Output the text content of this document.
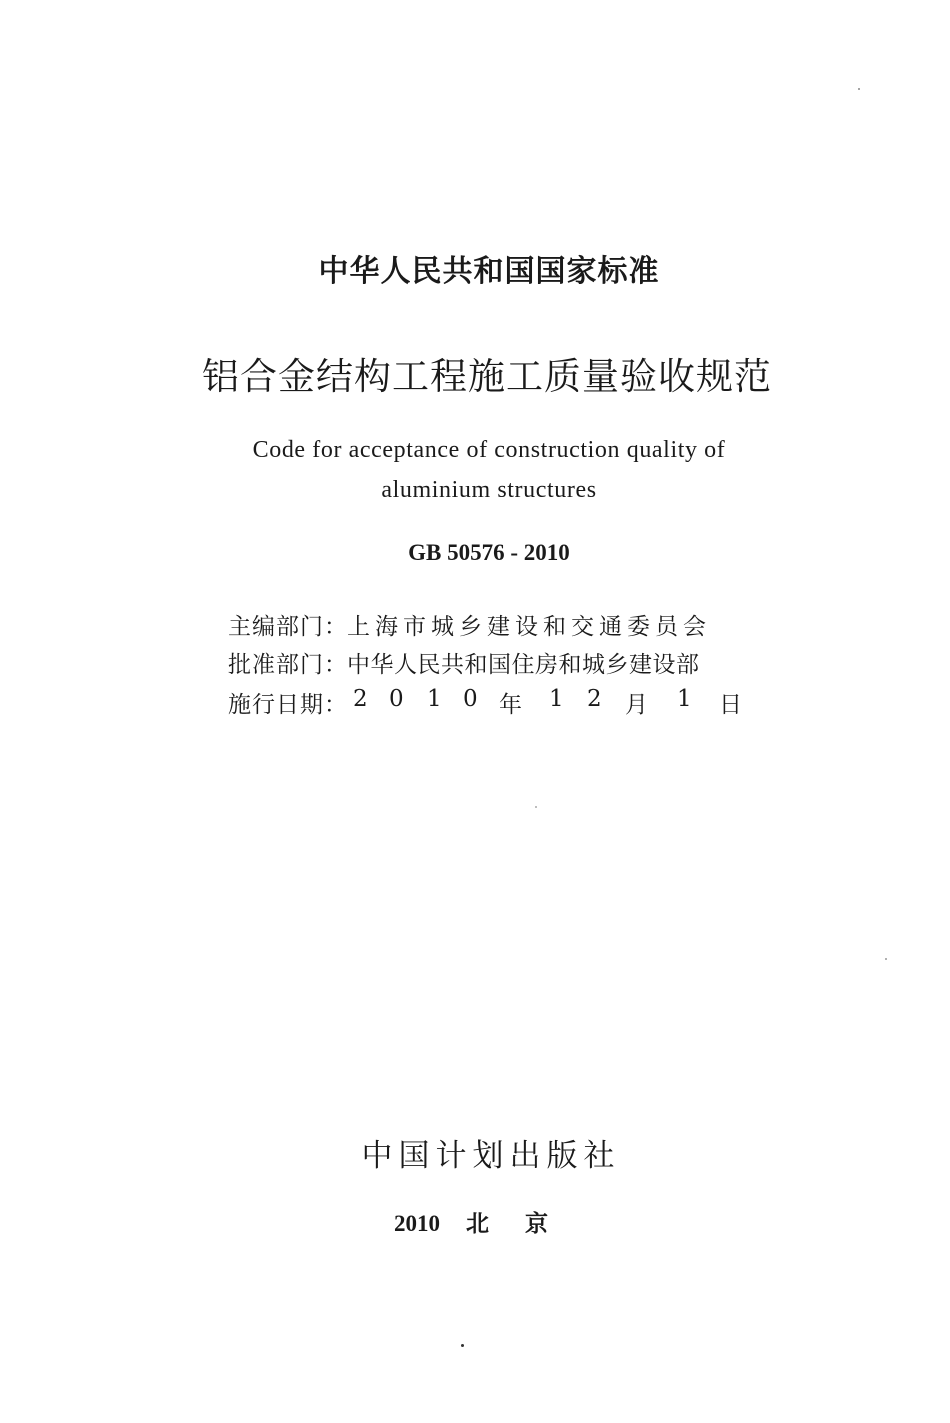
中华人民共和国国家标准
铝合金结构工程施工质量验收规范
Code for acceptance of construction quality of
aluminium structures
GB 50576 - 2010
主编部门：上海市城乡建设和交通委员会
批准部门：中华人民共和国住房和城乡建设部
施行日期： 2 0 1 0 年 1 2 月 1 日
中国计划出版社
2010 北京
